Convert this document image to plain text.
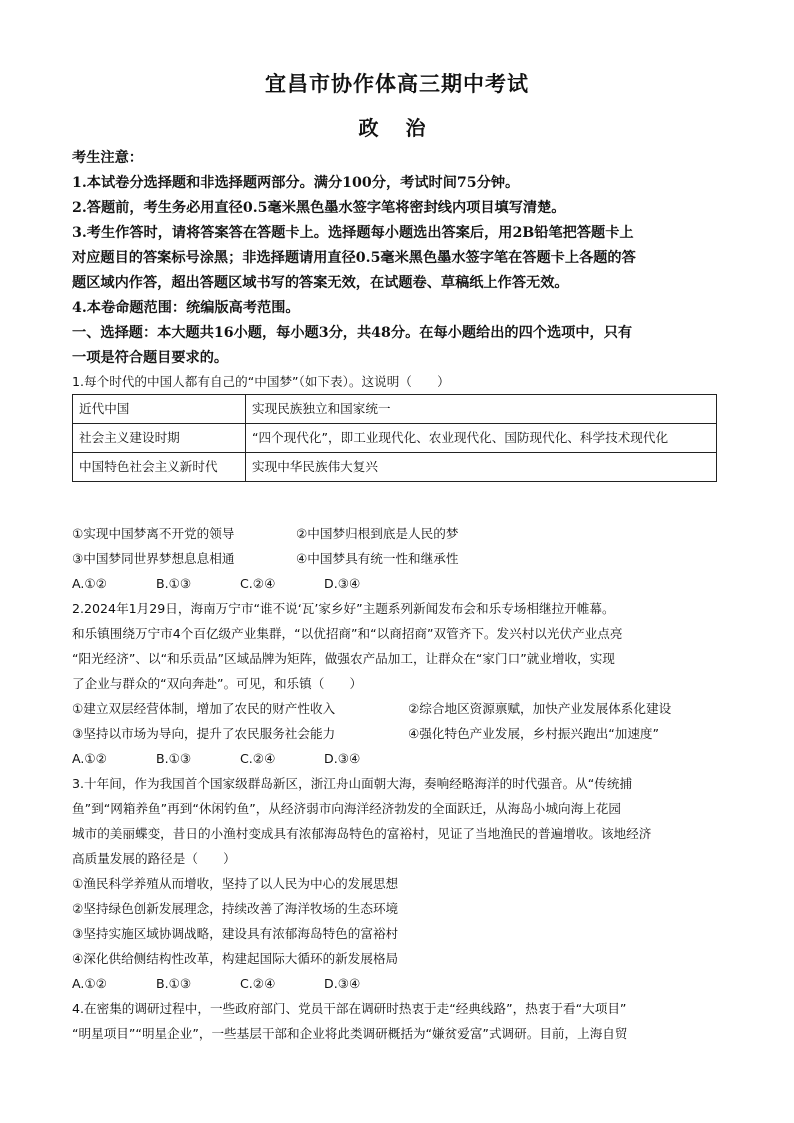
宜昌市协作体高三期中考试
政 治
考生注意：
1.本试卷分选择题和非选择题两部分。满分100分，考试时间75分钟。
2.答题前，考生务必用直径0.5毫米黑色墨水签字笔将密封线内项目填写清楚。
3.考生作答时，请将答案答在答题卡上。选择题每小题选出答案后，用2B铅笔把答题卡上
对应题目的答案标号涂黑；非选择题请用直径0.5毫米黑色墨水签字笔在答题卡上各题的答
题区域内作答，超出答题区域书写的答案无效，在试题卷、草稿纸上作答无效。
4.本卷命题范围：统编版高考范围。
一、选择题：本大题共16小题，每小题3分，共48分。在每小题给出的四个选项中，只有
一项是符合题目要求的。
1.每个时代的中国人都有自己的“中国梦”（如下表）。这说明（　　）
近代中国	实现民族独立和国家统一
社会主义建设时期	“四个现代化”，即工业现代化、农业现代化、国防现代化、科学技术现代化
中国特色社会主义新时代	实现中华民族伟大复兴
①实现中国梦离不开党的领导	②中国梦归根到底是人民的梦
③中国梦同世界梦想息息相通	④中国梦具有统一性和继承性
A.①②	B.①③	C.②④	D.③④
2.2024年1月29日，海南万宁市“谁不说‘瓦’家乡好”主题系列新闻发布会和乐专场相继拉开帷幕。
和乐镇围绕万宁市4个百亿级产业集群，“以优招商”和“以商招商”双管齐下。发兴村以光伏产业点亮
“阳光经济”、以“和乐贡品”区域品牌为矩阵，做强农产品加工，让群众在“家门口”就业增收，实现
了企业与群众的“双向奔赴”。可见，和乐镇（　　）
①建立双层经营体制，增加了农民的财产性收入	②综合地区资源禀赋，加快产业发展体系化建设
③坚持以市场为导向，提升了农民服务社会能力	④强化特色产业发展，乡村振兴跑出“加速度”
A.①②	B.①③	C.②④	D.③④
3.十年间，作为我国首个国家级群岛新区，浙江舟山面朝大海，奏响经略海洋的时代强音。从“传统捕
鱼”到“网箱养鱼”再到“休闲钓鱼”，从经济弱市向海洋经济勃发的全面跃迁，从海岛小城向海上花园
城市的美丽蝶变，昔日的小渔村变成具有浓郁海岛特色的富裕村，见证了当地渔民的普遍增收。该地经济
高质量发展的路径是（　　）
①渔民科学养殖从而增收，坚持了以人民为中心的发展思想
②坚持绿色创新发展理念，持续改善了海洋牧场的生态环境
③坚持实施区域协调战略，建设具有浓郁海岛特色的富裕村
④深化供给侧结构性改革，构建起国际大循环的新发展格局
A.①②	B.①③	C.②④	D.③④
4.在密集的调研过程中，一些政府部门、党员干部在调研时热衷于走“经典线路”，热衷于看“大项目”
“明星项目”“明星企业”，一些基层干部和企业将此类调研概括为“嫌贫爱富”式调研。目前，上海自贸
